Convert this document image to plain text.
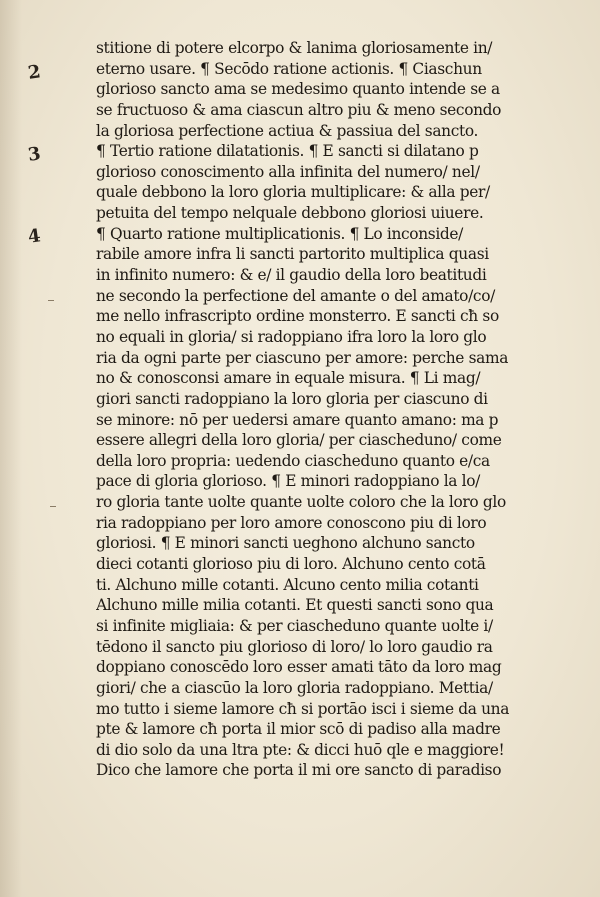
2
3
4
stitione di potere elcorpo & lanima gloriosamente in/
eterno usare. ¶ Secōdo ratione actionis. ¶ Ciaschun
glorioso sancto ama se medesimo quanto intende se a
se fructuoso & ama ciascun altro piu & meno secondo
la gloriosa perfectione actiua & passiua del sancto.
¶ Tertio ratione dilatationis. ¶ E sancti si dilatano p
glorioso conoscimento alla infinita del numero/ nel/
quale debbono la loro gloria multiplicare: & alla per/
petuita del tempo nelquale debbono gloriosi uiuere.
¶ Quarto ratione multiplicationis. ¶ Lo inconside/
rabile amore infra li sancti partorito multiplica quasi
in infinito numero: & e/ il gaudio della loro beatitudi
ne secondo la perfectione del amante o del amato/co/
me nello infrascripto ordine monsterro. E sancti cħ so
no equali in gloria/ si radoppiano ifra loro la loro glo
ria da ogni parte per ciascuno per amore: perche sama
no & conosconsi amare in equale misura. ¶ Li mag/
giori sancti radoppiano la loro gloria per ciascuno di
se minore: nō per uedersi amare quanto amano: ma p
essere allegri della loro gloria/ per ciascheduno/ come
della loro propria: uedendo ciascheduno quanto e/ca
pace di gloria glorioso. ¶ E minori radoppiano la lo/
ro gloria tante uolte quante uolte coloro che la loro glo
ria radoppiano per loro amore conoscono piu di loro
gloriosi. ¶ E minori sancti ueghono alchuno sancto
dieci cotanti glorioso piu di loro. Alchuno cento cotā
ti. Alchuno mille cotanti. Alcuno cento milia cotanti
Alchuno mille milia cotanti. Et questi sancti sono qua
si infinite migliaia: & per ciascheduno quante uolte i/
tēdono il sancto piu glorioso di loro/ lo loro gaudio ra
doppiano conoscēdo loro esser amati tāto da loro mag
giori/ che a ciascūo la loro gloria radoppiano. Mettia/
mo tutto i sieme lamore cħ si portāo isci i sieme da una
pte & lamore cħ porta il mior scō di padiso alla madre
di dio solo da una ltra pte: & dicci huō qle e maggiore!
Dico che lamore che porta il mi ore sancto di paradiso
